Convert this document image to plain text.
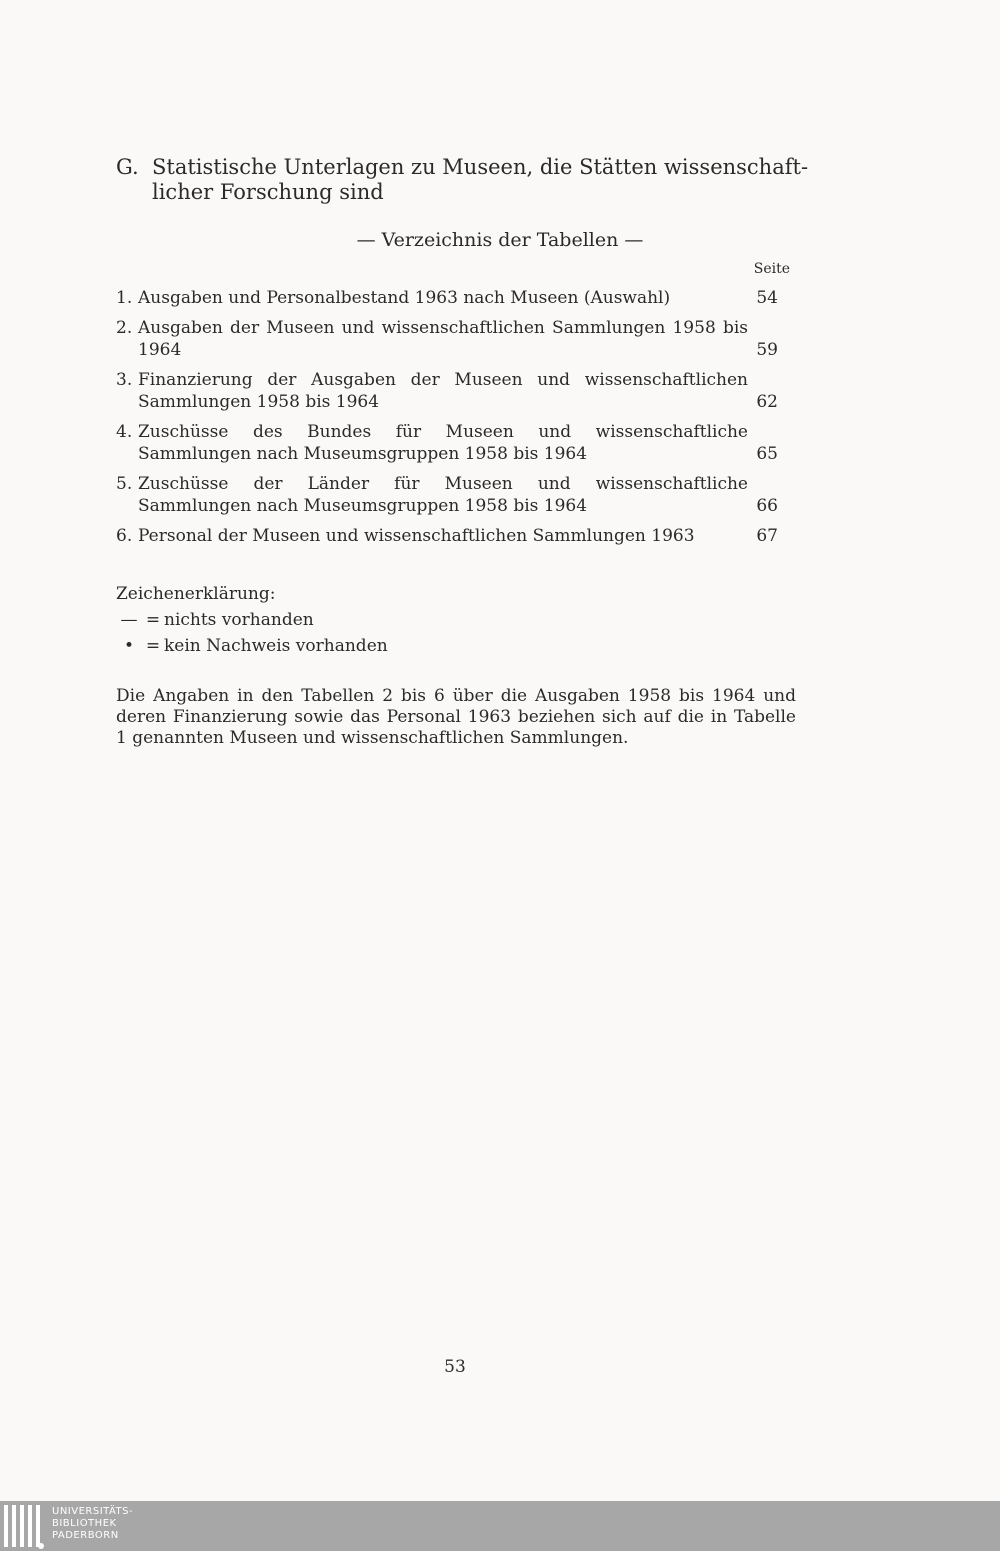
G. Statistische Unterlagen zu Museen, die Stätten wissenschaft-
licher Forschung sind
— Verzeichnis der Tabellen —
Seite
1. Ausgaben und Personalbestand 1963 nach Museen (Auswahl)	54
2. Ausgaben der Museen und wissenschaftlichen Sammlungen 1958 bis 1964	59
3. Finanzierung der Ausgaben der Museen und wissenschaftlichen Sammlungen 1958 bis 1964	62
4. Zuschüsse des Bundes für Museen und wissenschaftliche Sammlungen nach Museumsgruppen 1958 bis 1964	65
5. Zuschüsse der Länder für Museen und wissenschaftliche Sammlungen nach Museumsgruppen 1958 bis 1964	66
6. Personal der Museen und wissenschaftlichen Sammlungen 1963	67
Zeichenerklärung:
— = nichts vorhanden
• = kein Nachweis vorhanden

Die Angaben in den Tabellen 2 bis 6 über die Ausgaben 1958 bis 1964 und deren Finanzierung sowie das Personal 1963 beziehen sich auf die in Tabelle 1 genannten Museen und wissenschaftlichen Sammlungen.

53
UNIVERSITÄTS-
BIBLIOTHEK
PADERBORN
